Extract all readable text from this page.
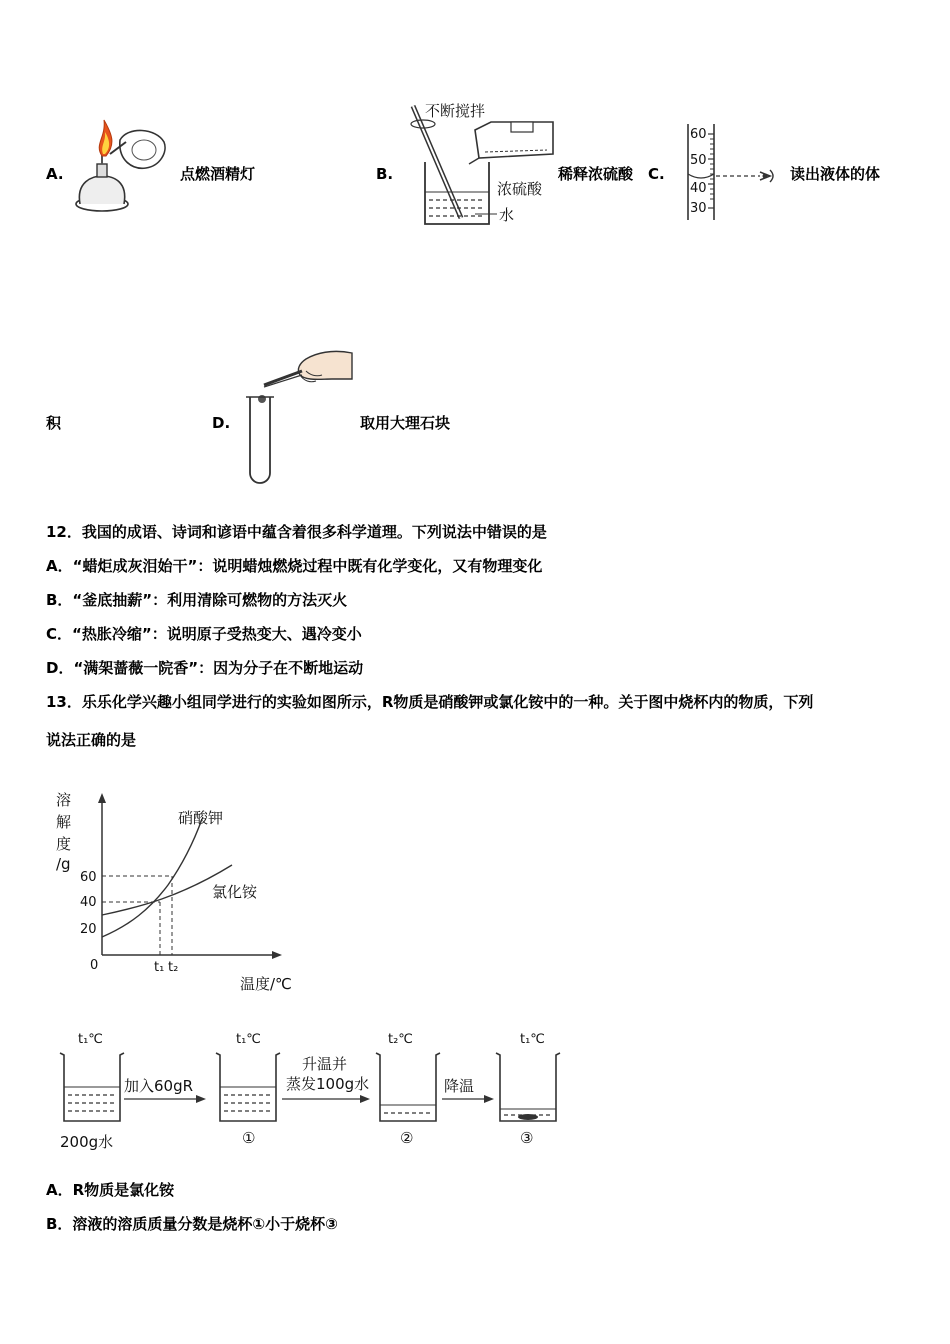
A.	点燃酒精灯	B.
不断搅拌
浓硫酸
水
稀释浓硫酸 C.
60
50
40
30
读出液体的体
积	D.	取用大理石块
12．我国的成语、诗词和谚语中蕴含着很多科学道理。下列说法中错误的是
A．“蜡炬成灰泪始干”：说明蜡烛燃烧过程中既有化学变化，又有物理变化
B．“釜底抽薪”：利用清除可燃物的方法灭火
C．“热胀冷缩”：说明原子受热变大、遇冷变小
D．“满架蔷薇一院香”：因为分子在不断地运动
13．乐乐化学兴趣小组同学进行的实验如图所示，R物质是硝酸钾或氯化铵中的一种。关于图中烧杯内的物质，下列
说法正确的是
溶
解
度
/g
60
40
20
0
硝酸钾
氯化铵
t₁ t₂
温度/℃
t₁℃
200g水
加入60gR
t₁℃
①
升温并
蒸发100g水
t₂℃
②
降温
t₁℃
③
A．R物质是氯化铵
B．溶液的溶质质量分数是烧杯①小于烧杯③
